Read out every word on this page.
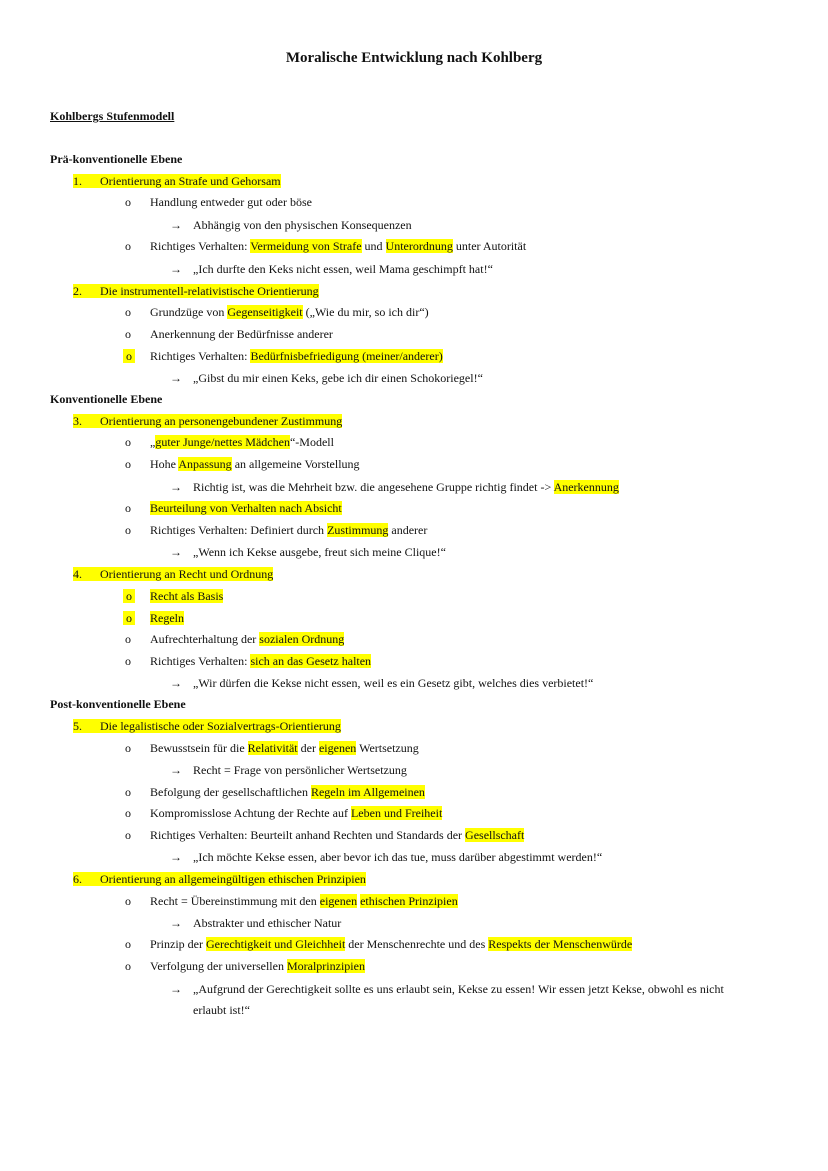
Moralische Entwicklung nach Kohlberg
Kohlbergs Stufenmodell
Prä-konventionelle Ebene
1. Orientierung an Strafe und Gehorsam
o Handlung entweder gut oder böse
→ Abhängig von den physischen Konsequenzen
o Richtiges Verhalten: Vermeidung von Strafe und Unterordnung unter Autorität
→ „Ich durfte den Keks nicht essen, weil Mama geschimpft hat!“
2. Die instrumentell-relativistische Orientierung
o Grundzüge von Gegenseitigkeit („Wie du mir, so ich dir“)
o Anerkennung der Bedürfnisse anderer
o Richtiges Verhalten: Bedürfnisbefriedigung (meiner/anderer)
→ „Gibst du mir einen Keks, gebe ich dir einen Schokoriegel!“
Konventionelle Ebene
3. Orientierung an personengebundener Zustimmung
o „guter Junge/nettes Mädchen“-Modell
o Hohe Anpassung an allgemeine Vorstellung
→ Richtig ist, was die Mehrheit bzw. die angesehene Gruppe richtig findet -> Anerkennung
o Beurteilung von Verhalten nach Absicht
o Richtiges Verhalten: Definiert durch Zustimmung anderer
→ „Wenn ich Kekse ausgebe, freut sich meine Clique!“
4. Orientierung an Recht und Ordnung
o Recht als Basis
o Regeln
o Aufrechterhaltung der sozialen Ordnung
o Richtiges Verhalten: sich an das Gesetz halten
→ „Wir dürfen die Kekse nicht essen, weil es ein Gesetz gibt, welches dies verbietet!“
Post-konventionelle Ebene
5. Die legalistische oder Sozialvertrags-Orientierung
o Bewusstsein für die Relativität der eigenen Wertsetzung
→ Recht = Frage von persönlicher Wertsetzung
o Befolgung der gesellschaftlichen Regeln im Allgemeinen
o Kompromisslose Achtung der Rechte auf Leben und Freiheit
o Richtiges Verhalten: Beurteilt anhand Rechten und Standards der Gesellschaft
→ „Ich möchte Kekse essen, aber bevor ich das tue, muss darüber abgestimmt werden!“
6. Orientierung an allgemeingültigen ethischen Prinzipien
o Recht = Übereinstimmung mit den eigenen ethischen Prinzipien
→ Abstrakter und ethischer Natur
o Prinzip der Gerechtigkeit und Gleichheit der Menschenrechte und des Respekts der Menschenwürde
o Verfolgung der universellen Moralprinzipien
→ „Aufgrund der Gerechtigkeit sollte es uns erlaubt sein, Kekse zu essen! Wir essen jetzt Kekse, obwohl es nicht
erlaubt ist!“
